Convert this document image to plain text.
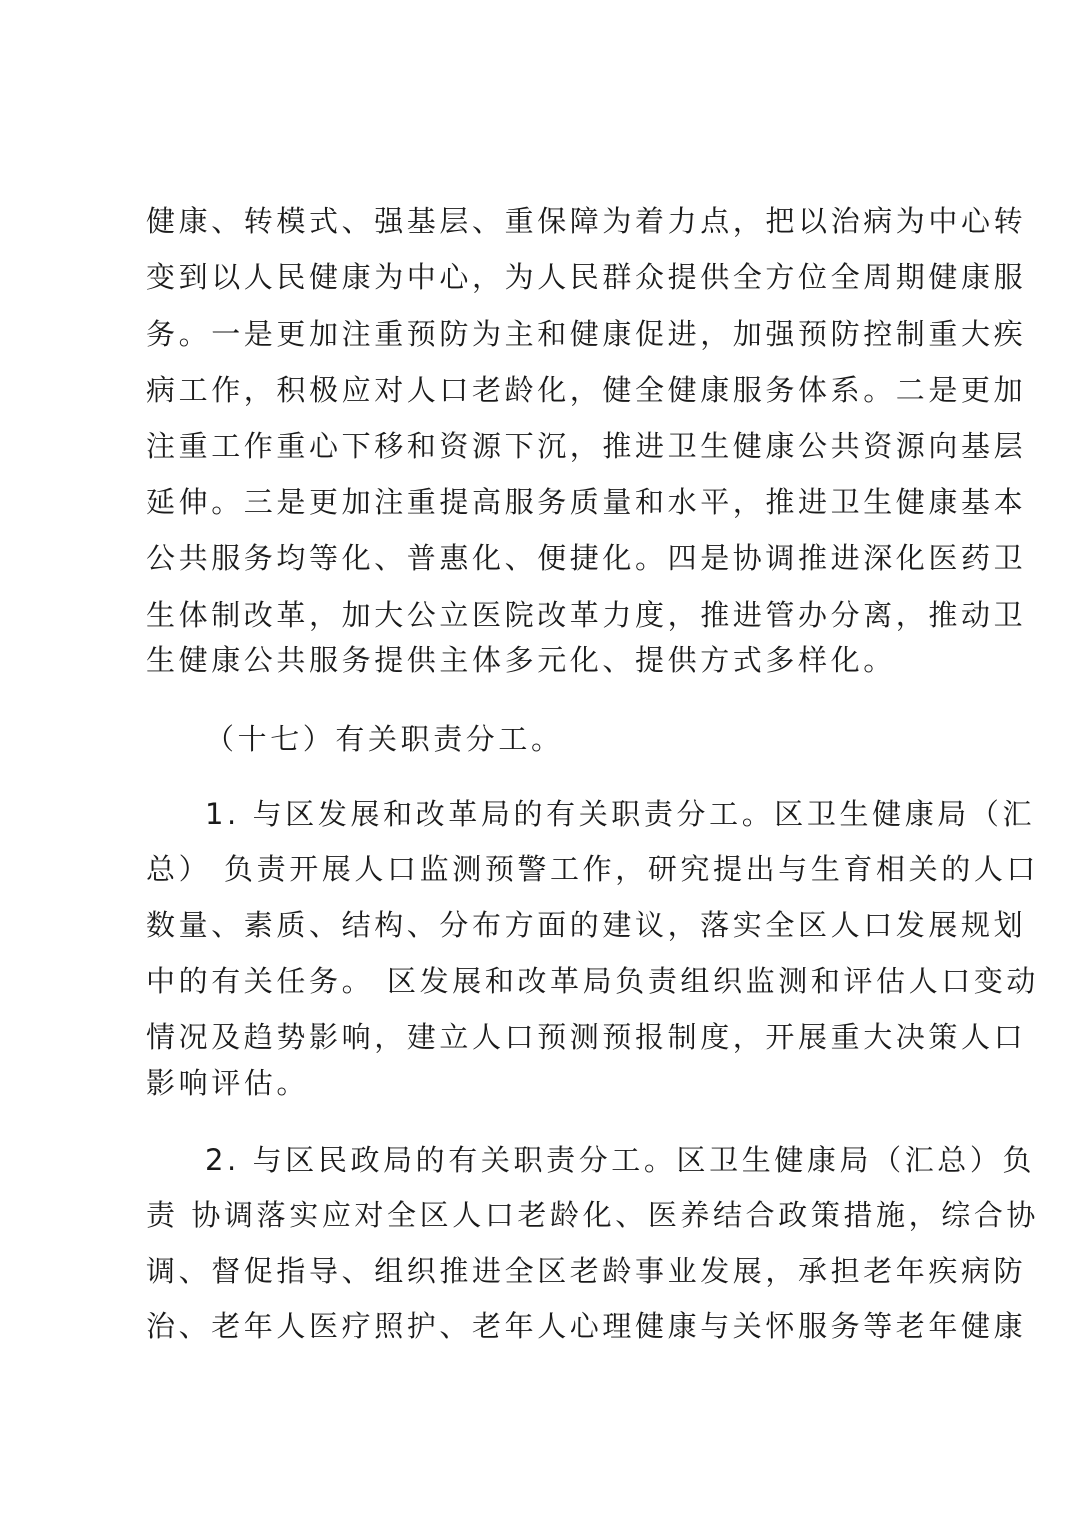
健康、转模式、强基层、重保障为着力点，把以治病为中心转
变到以人民健康为中心，为人民群众提供全方位全周期健康服
务。一是更加注重预防为主和健康促进，加强预防控制重大疾
病工作，积极应对人口老龄化，健全健康服务体系。二是更加
注重工作重心下移和资源下沉，推进卫生健康公共资源向基层
延伸。三是更加注重提高服务质量和水平，推进卫生健康基本
公共服务均等化、普惠化、便捷化。四是协调推进深化医药卫
生体制改革，加大公立医院改革力度，推进管办分离，推动卫
生健康公共服务提供主体多元化、提供方式多样化。
（十七）有关职责分工。
1. 与区发展和改革局的有关职责分工。区卫生健康局（汇
总） 负责开展人口监测预警工作，研究提出与生育相关的人口
数量、素质、结构、分布方面的建议，落实全区人口发展规划
中的有关任务。 区发展和改革局负责组织监测和评估人口变动
情况及趋势影响，建立人口预测预报制度，开展重大决策人口
影响评估。
2. 与区民政局的有关职责分工。区卫生健康局（汇总）负
责 协调落实应对全区人口老龄化、医养结合政策措施，综合协
调、督促指导、组织推进全区老龄事业发展，承担老年疾病防
治、老年人医疗照护、老年人心理健康与关怀服务等老年健康
